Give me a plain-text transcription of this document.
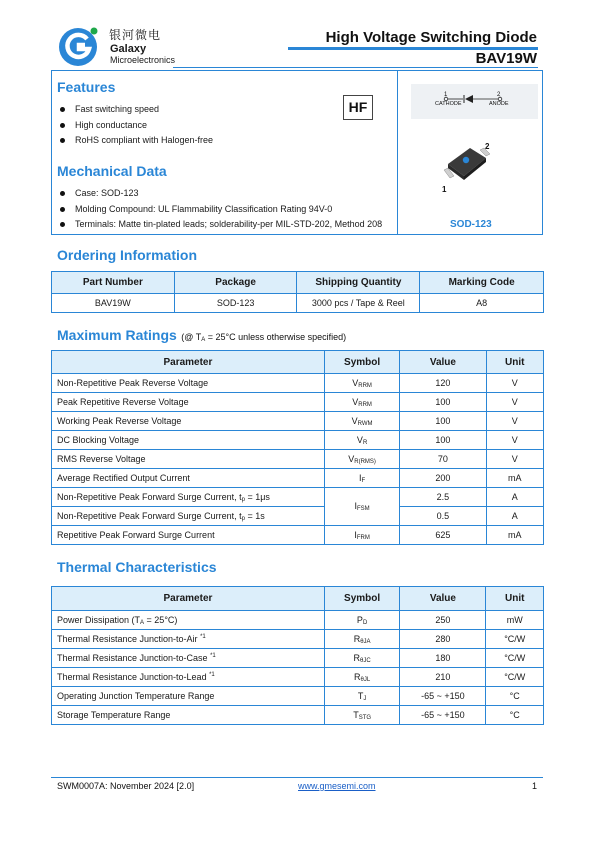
银河微电
Galaxy
Microelectronics
High Voltage Switching Diode
BAV19W
Features
Fast switching speed
High conductance
RoHS compliant with Halogen-free
HF
Mechanical Data
Case: SOD-123
Molding Compound: UL Flammability Classification Rating 94V-0
Terminals: Matte tin-plated leads; solderability-per MIL-STD-202, Method 208
1	2
CATHODE	ANODE
2
1
SOD-123
Ordering Information
Part Number	Package	Shipping Quantity	Marking Code
BAV19W	SOD-123	3000 pcs / Tape & Reel	A8
Maximum Ratings (@ $T_A = 25^\circ C$ unless otherwise specified)
Parameter	Symbol	Value	Unit
Non-Repetitive Peak Reverse Voltage	$V_{RRM}$	120	V
Peak Repetitive Reverse Voltage	$V_{RRM}$	100	V
Working Peak Reverse Voltage	$V_{RWM}$	100	V
DC Blocking Voltage	$V_R$	100	V
RMS Reverse Voltage	$V_{R(RMS)}$	70	V
Average Rectified Output Current	$I_F$	200	mA
Non-Repetitive Peak Forward Surge Current, $t_p = 1\mu s$	$I_{FSM}$	2.5	A
Non-Repetitive Peak Forward Surge Current, $t_p = 1s$		0.5	A
Repetitive Peak Forward Surge Current	$I_{FRM}$	625	mA
Thermal Characteristics
Parameter	Symbol	Value	Unit
Power Dissipation $(T_A = 25^\circ C)$	$P_D$	250	mW
Thermal Resistance Junction-to-Air $^{*1}$	$R_{\theta JA}$	280	°C/W
Thermal Resistance Junction-to-Case $^{*1}$	$R_{\theta JC}$	180	°C/W
Thermal Resistance Junction-to-Lead $^{*1}$	$R_{\theta JL}$	210	°C/W
Operating Junction Temperature Range	$T_J$	-65 ~ +150	°C
Storage Temperature Range	$T_{STG}$	-65 ~ +150	°C
SWM0007A: November 2024 [2.0]	www.gmesemi.com	1
